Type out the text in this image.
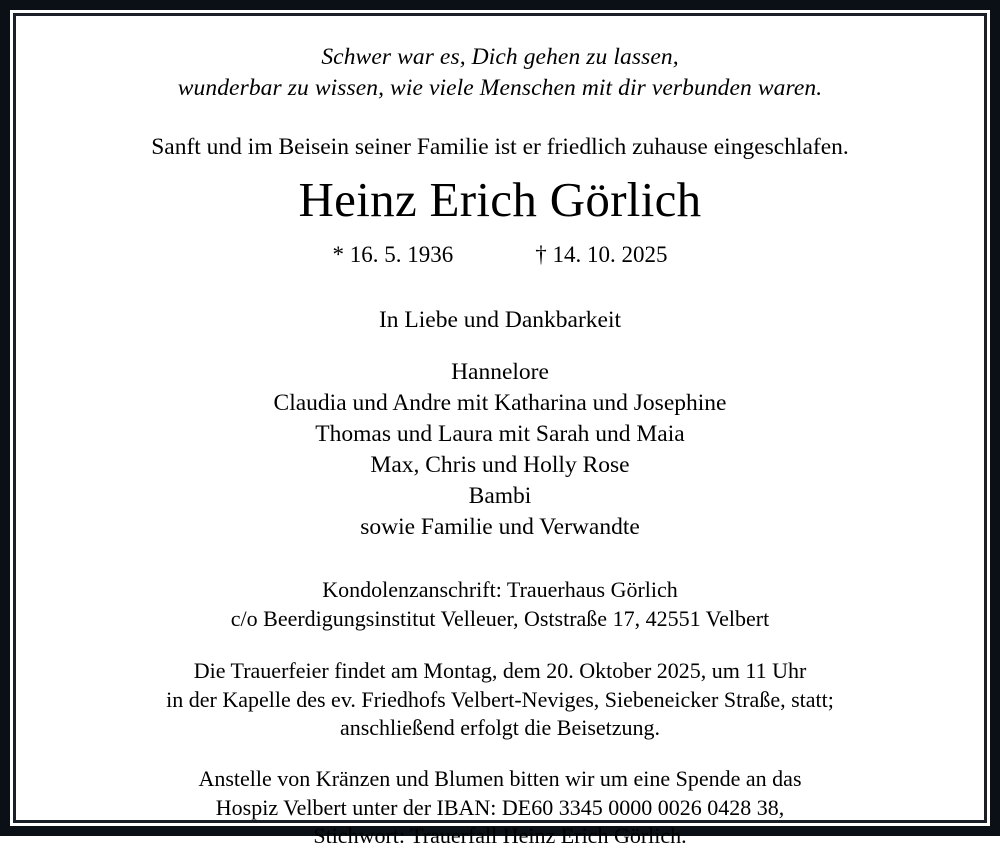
Schwer war es, Dich gehen zu lassen,
wunderbar zu wissen, wie viele Menschen mit dir verbunden waren.

Sanft und im Beisein seiner Familie ist er friedlich zuhause eingeschlafen.

Heinz Erich Görlich

* 16. 5. 1936	† 14. 10. 2025

In Liebe und Dankbarkeit

Hannelore
Claudia und Andre mit Katharina und Josephine
Thomas und Laura mit Sarah und Maia
Max, Chris und Holly Rose
Bambi
sowie Familie und Verwandte

Kondolenzanschrift: Trauerhaus Görlich
c/o Beerdigungsinstitut Velleuer, Oststraße 17, 42551 Velbert

Die Trauerfeier findet am Montag, dem 20. Oktober 2025, um 11 Uhr
in der Kapelle des ev. Friedhofs Velbert-Neviges, Siebeneicker Straße, statt;
anschließend erfolgt die Beisetzung.

Anstelle von Kränzen und Blumen bitten wir um eine Spende an das
Hospiz Velbert unter der IBAN: DE60 3345 0000 0026 0428 38,
Stichwort: Trauerfall Heinz Erich Görlich.
